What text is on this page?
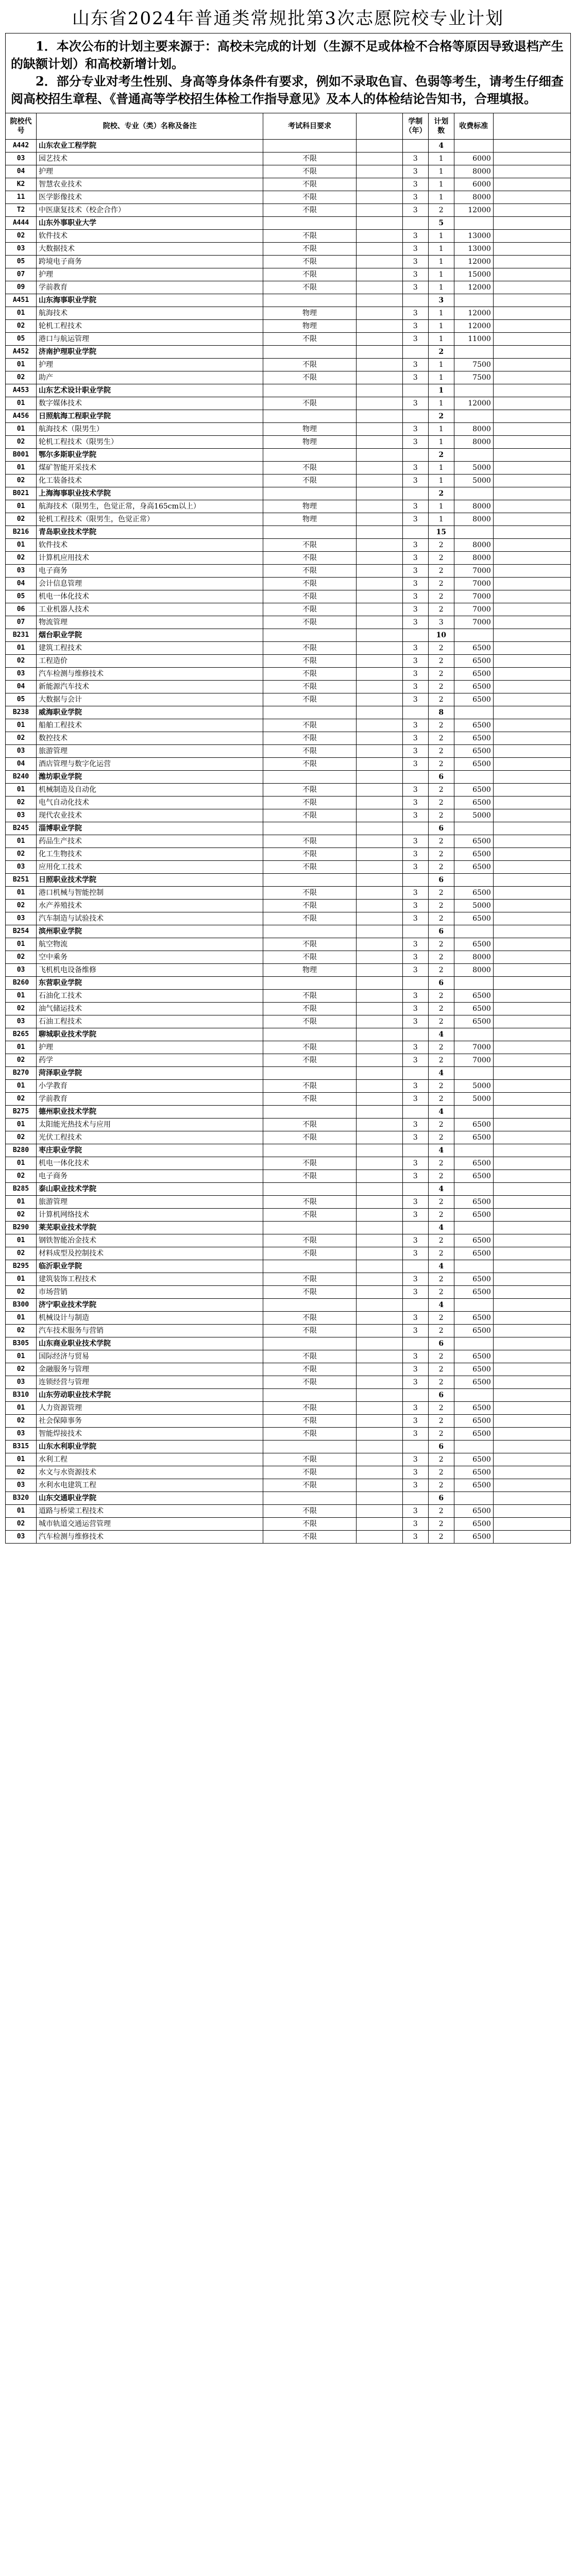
山东省2024年普通类常规批第3次志愿院校专业计划

1．本次公布的计划主要来源于：高校未完成的计划（生源不足或体检不合格等原因导致退档产生的缺额计划）和高校新增计划。

2．部分专业对考生性别、身高等身体条件有要求，例如不录取色盲、色弱等考生，请考生仔细查阅高校招生章程、《普通高等学校招生体检工作指导意见》及本人的体检结论告知书，合理填报。

院校代号	院校、专业（类）名称及备注	考试科目要求		学制（年）	计划数	收费标准	
A442	山东农业工程学院				4		
03	园艺技术	不限		3	1	6000	
04	护理	不限		3	1	8000	
K2	智慧农业技术	不限		3	1	6000	
11	医学影像技术	不限		3	1	8000	
T2	中医康复技术（校企合作）	不限		3	2	12000	
A444	山东外事职业大学				5		
02	软件技术	不限		3	1	13000	
03	大数据技术	不限		3	1	13000	
05	跨境电子商务	不限		3	1	12000	
07	护理	不限		3	1	15000	
09	学前教育	不限		3	1	12000	
A451	山东海事职业学院				3		
01	航海技术	物理		3	1	12000	
02	轮机工程技术	物理		3	1	12000	
05	港口与航运管理	不限		3	1	11000	
A452	济南护理职业学院				2		
01	护理	不限		3	1	7500	
02	助产	不限		3	1	7500	
A453	山东艺术设计职业学院				1		
01	数字媒体技术	不限		3	1	12000	
A456	日照航海工程职业学院				2		
01	航海技术（限男生）	物理		3	1	8000	
02	轮机工程技术（限男生）	物理		3	1	8000	
B001	鄂尔多斯职业学院				2		
01	煤矿智能开采技术	不限		3	1	5000	
02	化工装备技术	不限		3	1	5000	
B021	上海海事职业技术学院				2		
01	航海技术（限男生，色觉正常，身高165cm以上）	物理		3	1	8000	
02	轮机工程技术（限男生，色觉正常）	物理		3	1	8000	
B216	青岛职业技术学院				15		
01	软件技术	不限		3	2	8000	
02	计算机应用技术	不限		3	2	8000	
03	电子商务	不限		3	2	7000	
04	会计信息管理	不限		3	2	7000	
05	机电一体化技术	不限		3	2	7000	
06	工业机器人技术	不限		3	2	7000	
07	物流管理	不限		3	3	7000	
B231	烟台职业学院				10		
01	建筑工程技术	不限		3	2	6500	
02	工程造价	不限		3	2	6500	
03	汽车检测与维修技术	不限		3	2	6500	
04	新能源汽车技术	不限		3	2	6500	
05	大数据与会计	不限		3	2	6500	
B238	威海职业学院				8		
01	船舶工程技术	不限		3	2	6500	
02	数控技术	不限		3	2	6500	
03	旅游管理	不限		3	2	6500	
04	酒店管理与数字化运营	不限		3	2	6500	
B240	潍坊职业学院				6		
01	机械制造及自动化	不限		3	2	6500	
02	电气自动化技术	不限		3	2	6500	
03	现代农业技术	不限		3	2	5000	
B245	淄博职业学院				6		
01	药品生产技术	不限		3	2	6500	
02	化工生物技术	不限		3	2	6500	
03	应用化工技术	不限		3	2	6500	
B251	日照职业技术学院				6		
01	港口机械与智能控制	不限		3	2	6500	
02	水产养殖技术	不限		3	2	5000	
03	汽车制造与试验技术	不限		3	2	6500	
B254	滨州职业学院				6		
01	航空物流	不限		3	2	6500	
02	空中乘务	不限		3	2	8000	
03	飞机机电设备维修	物理		3	2	8000	
B260	东营职业学院				6		
01	石油化工技术	不限		3	2	6500	
02	油气储运技术	不限		3	2	6500	
03	石油工程技术	不限		3	2	6500	
B265	聊城职业技术学院				4		
01	护理	不限		3	2	7000	
02	药学	不限		3	2	7000	
B270	菏泽职业学院				4		
01	小学教育	不限		3	2	5000	
02	学前教育	不限		3	2	5000	
B275	德州职业技术学院				4		
01	太阳能光热技术与应用	不限		3	2	6500	
02	光伏工程技术	不限		3	2	6500	
B280	枣庄职业学院				4		
01	机电一体化技术	不限		3	2	6500	
02	电子商务	不限		3	2	6500	
B285	泰山职业技术学院				4		
01	旅游管理	不限		3	2	6500	
02	计算机网络技术	不限		3	2	6500	
B290	莱芜职业技术学院				4		
01	钢铁智能冶金技术	不限		3	2	6500	
02	材料成型及控制技术	不限		3	2	6500	
B295	临沂职业学院				4		
01	建筑装饰工程技术	不限		3	2	6500	
02	市场营销	不限		3	2	6500	
B300	济宁职业技术学院				4		
01	机械设计与制造	不限		3	2	6500	
02	汽车技术服务与营销	不限		3	2	6500	
B305	山东商业职业技术学院				6		
01	国际经济与贸易	不限		3	2	6500	
02	金融服务与管理	不限		3	2	6500	
03	连锁经营与管理	不限		3	2	6500	
B310	山东劳动职业技术学院				6		
01	人力资源管理	不限		3	2	6500	
02	社会保障事务	不限		3	2	6500	
03	智能焊接技术	不限		3	2	6500	
B315	山东水利职业学院				6		
01	水利工程	不限		3	2	6500	
02	水文与水资源技术	不限		3	2	6500	
03	水利水电建筑工程	不限		3	2	6500	
B320	山东交通职业学院				6		
01	道路与桥梁工程技术	不限		3	2	6500	
02	城市轨道交通运营管理	不限		3	2	6500	
03	汽车检测与维修技术	不限		3	2	6500	
